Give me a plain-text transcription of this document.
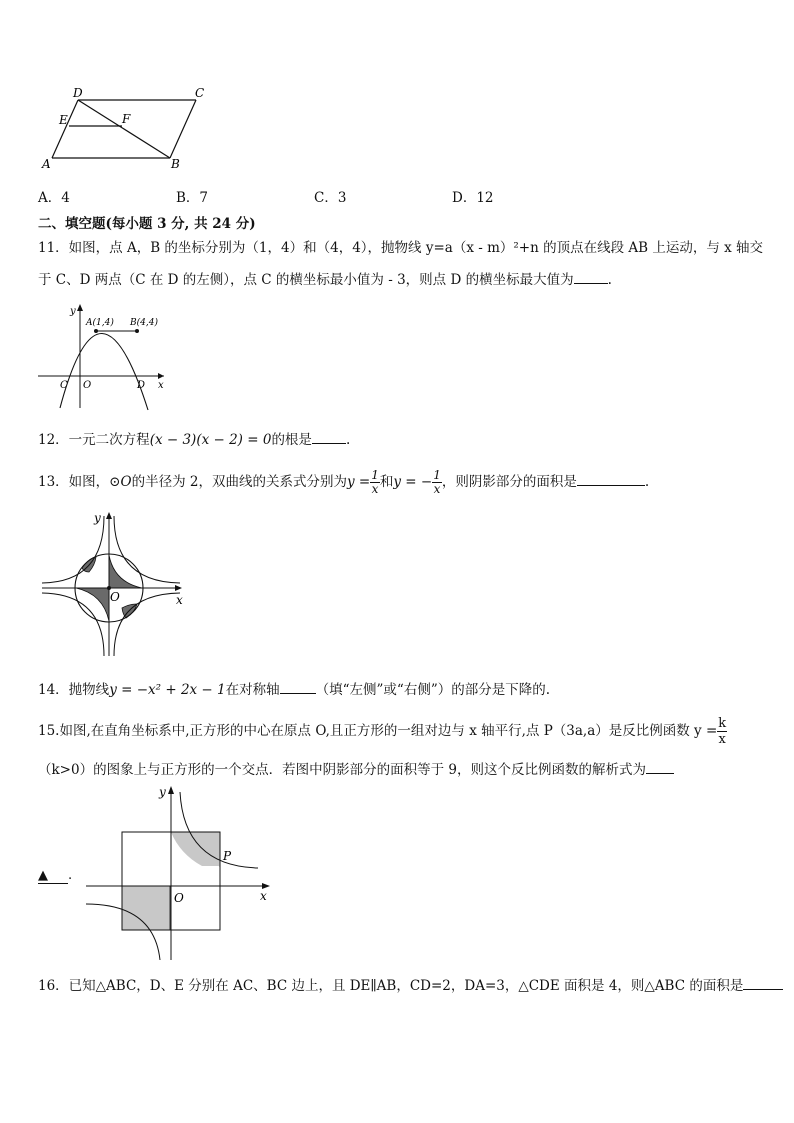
D	C
E	F
A	B
A．4	B．7	C．3	D．12
二、填空题(每小题 3 分, 共 24 分)
11．如图，点 A，B 的坐标分别为（1，4）和（4，4），抛物线 y=a（x - m）²+n 的顶点在线段 AB 上运动，与 x 轴交
于 C、D 两点（C 在 D 的左侧），点 C 的横坐标最小值为 - 3，则点 D 的横坐标最大值为	.
y
x
A(1,4) B(4,4)
C O	D
12．一元二次方程(x − 3)(x − 2) = 0的根是	.
13．如图，⊙O的半径为 2，双曲线的关系式分别为$y = \frac{1}{x}$ 和y = − $\frac{1}{x}$ ，则阴影部分的面积是	.
y
x
O
14．抛物线y = −x² + 2x − 1在对称轴	（填“左侧”或“右侧”）的部分是下降的.
15.如图,在直角坐标系中,正方形的中心在原点 O,且正方形的一组对边与 x 轴平行,点 P（3a,a）是反比例函数 $y = \frac{k}{x}$
（k>0）的图象上与正方形的一个交点．若图中阴影部分的面积等于 9，则这个反比例函数的解析式为
▲ .
y
x
O
P
16．已知△ABC，D、E 分别在 AC、BC 边上，且 DE∥AB，CD=2，DA=3，△CDE 面积是 4，则△ABC 的面积是
